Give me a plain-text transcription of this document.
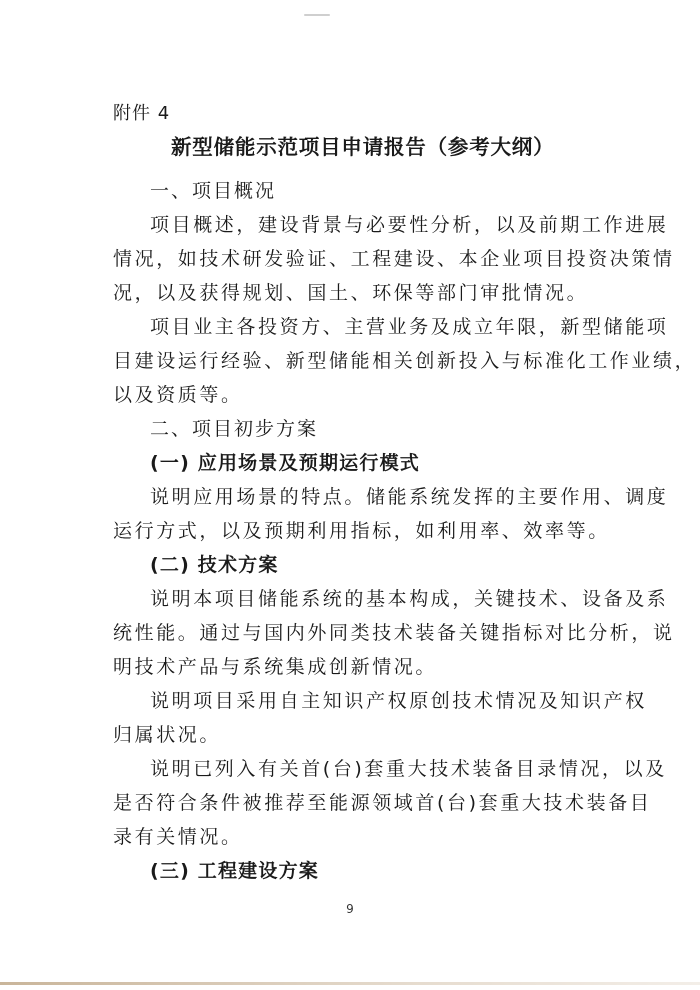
附件 4
新型储能示范项目申请报告（参考大纲）
一、项目概况
项目概述，建设背景与必要性分析，以及前期工作进展
情况，如技术研发验证、工程建设、本企业项目投资决策情
况，以及获得规划、国土、环保等部门审批情况。
项目业主各投资方、主营业务及成立年限，新型储能项
目建设运行经验、新型储能相关创新投入与标准化工作业绩，
以及资质等。
二、项目初步方案
(一) 应用场景及预期运行模式
说明应用场景的特点。储能系统发挥的主要作用、调度
运行方式，以及预期利用指标，如利用率、效率等。
(二) 技术方案
说明本项目储能系统的基本构成，关键技术、设备及系
统性能。通过与国内外同类技术装备关键指标对比分析，说
明技术产品与系统集成创新情况。
说明项目采用自主知识产权原创技术情况及知识产权
归属状况。
说明已列入有关首(台)套重大技术装备目录情况，以及
是否符合条件被推荐至能源领域首(台)套重大技术装备目
录有关情况。
(三) 工程建设方案
9
